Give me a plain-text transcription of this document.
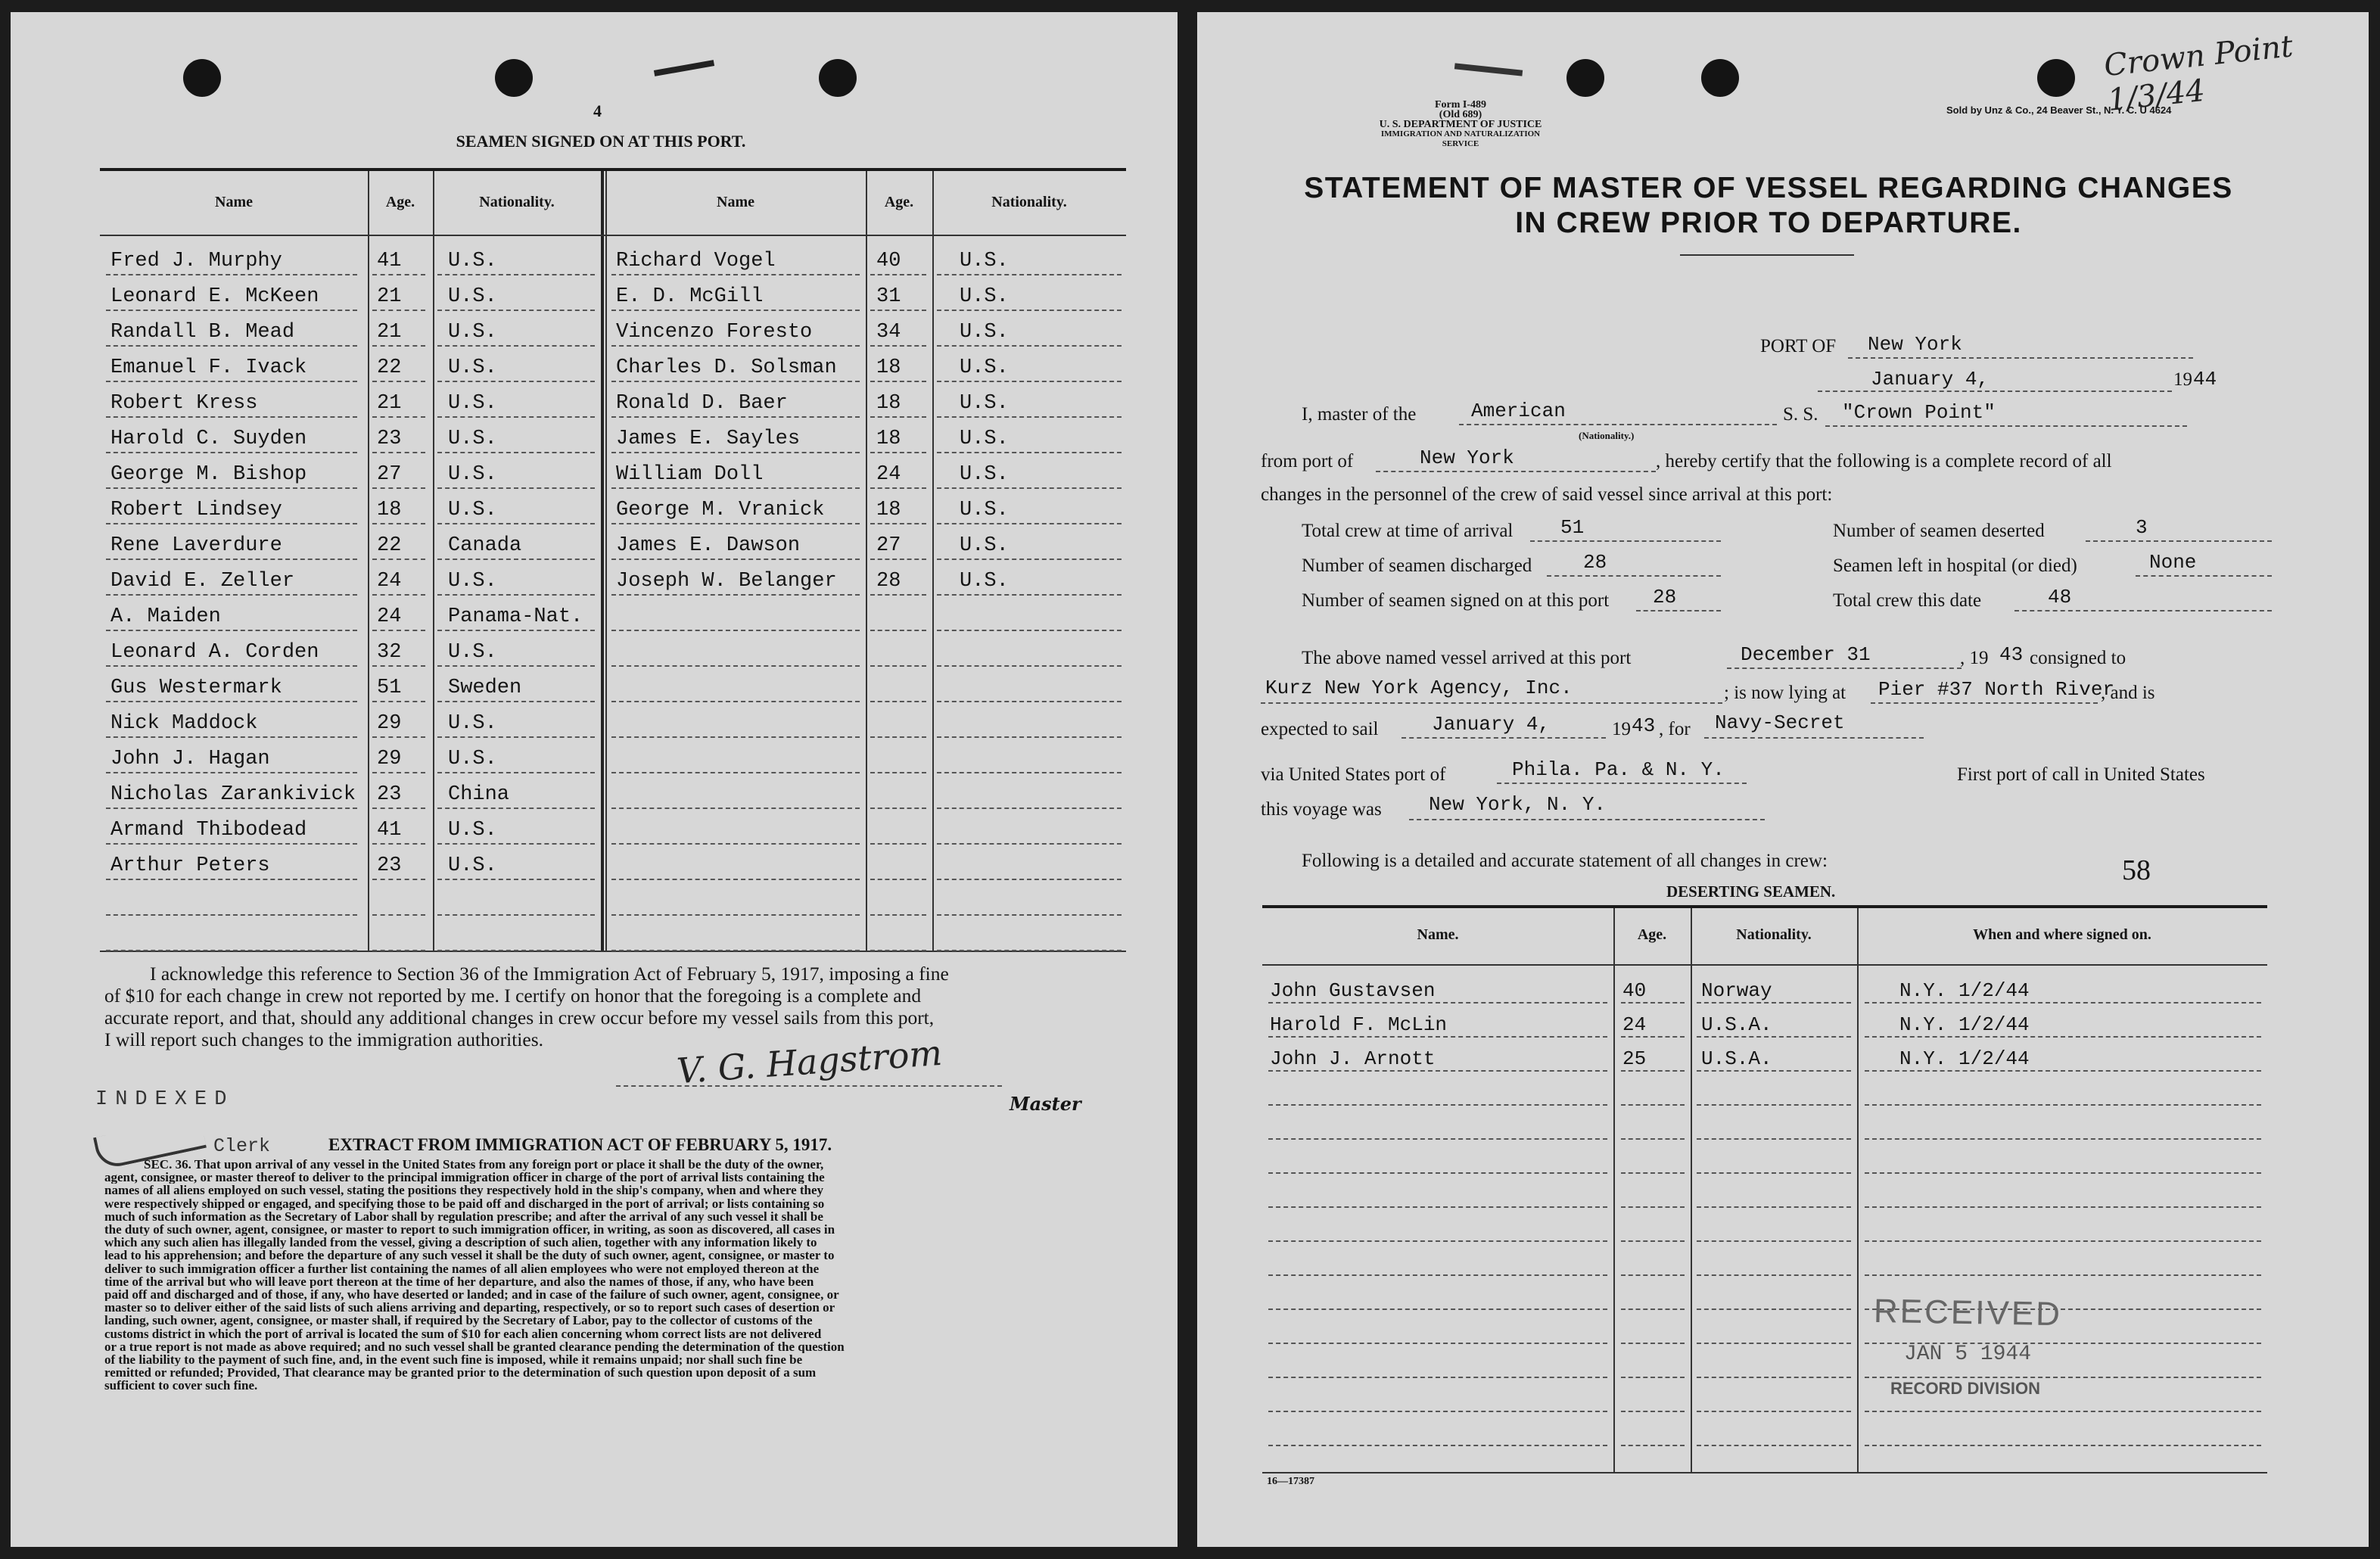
4
SEAMEN SIGNED ON AT THIS PORT.
Name	Age.	Nationality.	Name	Age.	Nationality.
Fred J. Murphy	41 U.S.
Leonard E. McKeen	21 U.S.
Randall B. Mead	21 U.S.
Emanuel F. Ivack	22 U.S.
Robert Kress	21 U.S.
Harold C. Suyden	23 U.S.
George M. Bishop	27 U.S.
Robert Lindsey	18 U.S.
Rene Laverdure	22 Canada
David E. Zeller	24 U.S.
A. Maiden	24 Panama-Nat.
Leonard A. Corden	32 U.S.
Gus Westermark	51 Sweden
Nick Maddock	29 U.S.
John J. Hagan	29 U.S.
Nicholas Zarankivick 23 China
Armand Thibodead	41 U.S.
Arthur Peters	23 U.S.
Richard Vogel	40	U.S.
E. D. McGill	31	U.S.
Vincenzo Foresto	34	U.S.
Charles D. Solsman 18	U.S.
Ronald D. Baer	18	U.S.
James E. Sayles	18	U.S.
William Doll	24	U.S.
George M. Vranick	18	U.S.
James E. Dawson	27	U.S.
Joseph W. Belanger 28	U.S.
I acknowledge this reference to Section 36 of the Immigration Act of February 5, 1917, imposing a fine
of $10 for each change in crew not reported by me. I certify on honor that the foregoing is a complete and
accurate report, and that, should any additional changes in crew occur before my vessel sails from this port,
I will report such changes to the immigration authorities.	V. G. Hagstrom
Master
INDEXED
Clerk	EXTRACT FROM IMMIGRATION ACT OF FEBRUARY 5, 1917.
SEC. 36. That upon arrival of any vessel in the United States from any foreign port or place it shall be the duty of the owner,
agent, consignee, or master thereof to deliver to the principal immigration officer in charge of the port of arrival lists containing the
names of all aliens employed on such vessel, stating the positions they respectively hold in the ship's company, when and where they
were respectively shipped or engaged, and specifying those to be paid off and discharged in the port of arrival; or lists containing so
much of such information as the Secretary of Labor shall by regulation prescribe; and after the arrival of any such vessel it shall be
the duty of such owner, agent, consignee, or master to report to such immigration officer, in writing, as soon as discovered, all cases in
which any such alien has illegally landed from the vessel, giving a description of such alien, together with any information likely to
lead to his apprehension; and before the departure of any such vessel it shall be the duty of such owner, agent, consignee, or master to
deliver to such immigration officer a further list containing the names of all alien employees who were not employed thereon at the
time of the arrival but who will leave port thereon at the time of her departure, and also the names of those, if any, who have been
paid off and discharged and of those, if any, who have deserted or landed; and in case of the failure of such owner, agent, consignee, or
master so to deliver either of the said lists of such aliens arriving and departing, respectively, or so to report such cases of desertion or
landing, such owner, agent, consignee, or master shall, if required by the Secretary of Labor, pay to the collector of customs of the
customs district in which the port of arrival is located the sum of $10 for each alien concerning whom correct lists are not delivered
or a true report is not made as above required; and no such vessel shall be granted clearance pending the determination of the question
of the liability to the payment of such fine, and, in the event such fine is imposed, while it remains unpaid; nor shall such fine be
remitted or refunded; Provided, That clearance may be granted prior to the determination of such question upon deposit of a sum
sufficient to cover such fine.
Form I-489
(Old 689)
U. S. DEPARTMENT OF JUSTICE
IMMIGRATION AND NATURALIZATION SERVICE
Sold by Unz & Co., 24 Beaver St., N. Y. C. U 4624
Crown Point 1/3/44
STATEMENT OF MASTER OF VESSEL REGARDING CHANGES
IN CREW PRIOR TO DEPARTURE.
PORT OF New York
January 4,	19 44
I, master of the	American
(Nationality.)
S. S. "Crown Point"
from port of	New York	, hereby certify that the following is a complete record of all
changes in the personnel of the crew of said vessel since arrival at this port:
Total crew at time of arrival 51	Number of seamen deserted	3
Number of seamen discharged	28	Seamen left in hospital (or died)	None
Number of seamen signed on at this port 28	Total crew this date	48
The above named vessel arrived at this port	December 31	, 19 43 consigned to
Kurz New York Agency, Inc.	; is now lying at Pier #37 North River
, and is
expected to sail	January 4,	19 43 , for Navy-Secret
via United States port of	Phila. Pa. & N. Y.	First port of call in United States
this voyage was New York, N. Y.
Following is a detailed and accurate statement of all changes in crew:	58
DESERTING SEAMEN.
Name.	Age.	Nationality.	When and where signed on.
John Gustavsen	40	Norway	N.Y. 1/2/44
Harold F. McLin	24	U.S.A.	N.Y. 1/2/44
John J. Arnott	25	U.S.A.	N.Y. 1/2/44
RECEIVED
JAN 5 1944
RECORD DIVISION
16—17387
